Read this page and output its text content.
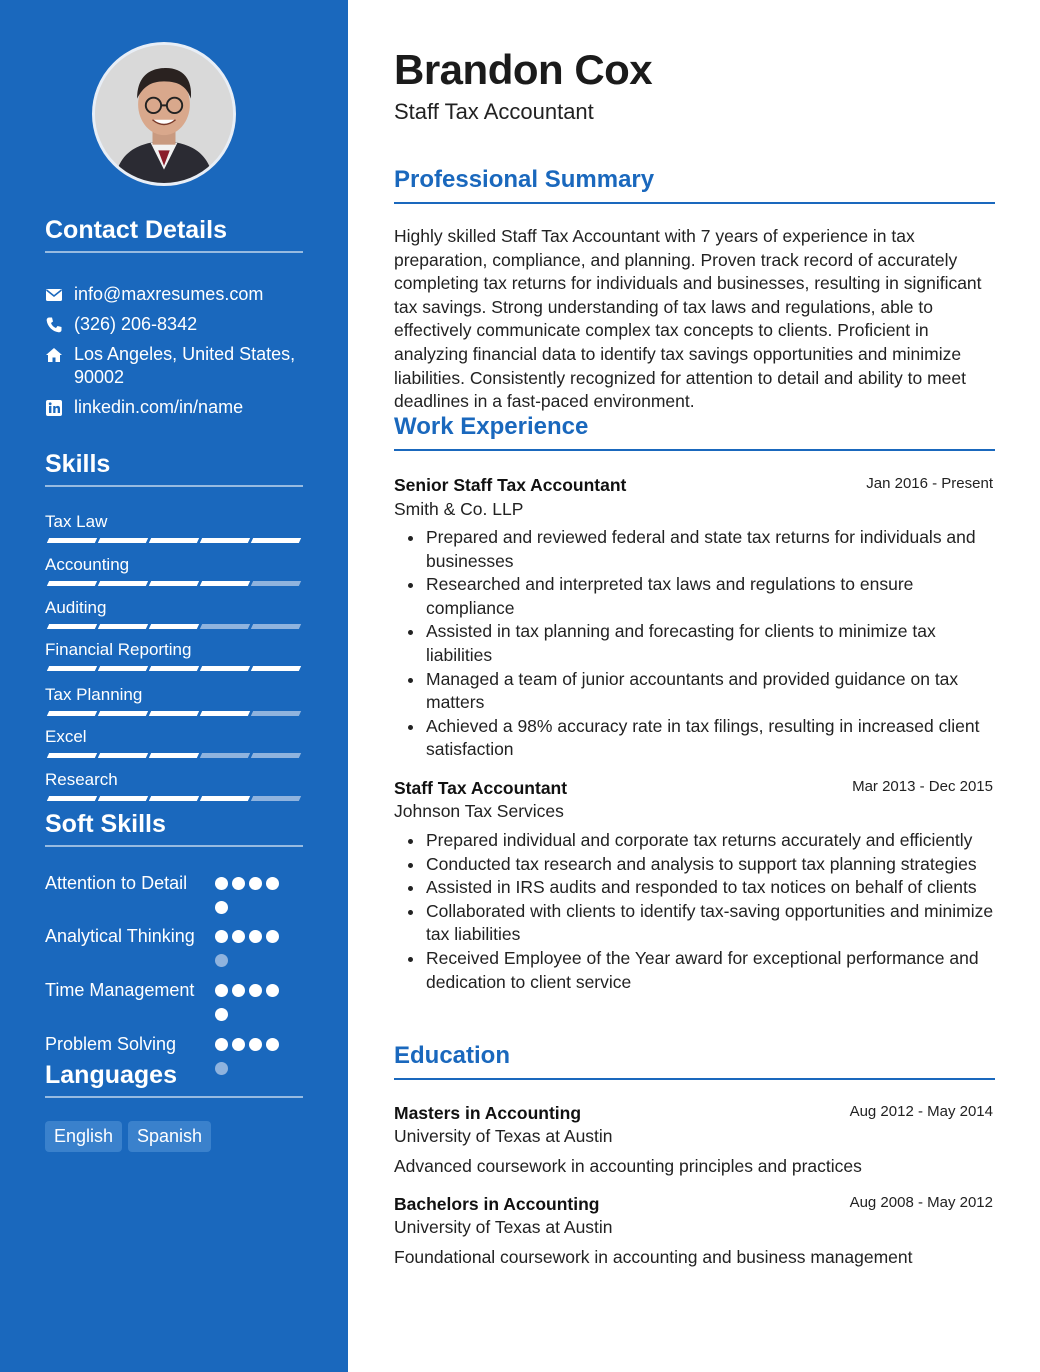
Contact Details
info@maxresumes.com
(326) 206-8342
Los Angeles, United States, 90002
linkedin.com/in/name
Skills
Tax Law
Accounting
Auditing
Financial Reporting
Tax Planning
Excel
Research
Soft Skills
Attention to Detail
Analytical Thinking
Time Management
Problem Solving
Languages
English	Spanish
Brandon Cox
Staff Tax Accountant
Professional Summary
Highly skilled Staff Tax Accountant with 7 years of experience in tax preparation, compliance, and planning. Proven track record of accurately completing tax returns for individuals and businesses, resulting in significant tax savings. Strong understanding of tax laws and regulations, able to effectively communicate complex tax concepts to clients. Proficient in analyzing financial data to identify tax savings opportunities and minimize liabilities. Consistently recognized for attention to detail and ability to meet deadlines in a fast-paced environment.
Work Experience
Senior Staff Tax Accountant	Jan 2016 - Present
Smith & Co. LLP
Prepared and reviewed federal and state tax returns for individuals and businesses
Researched and interpreted tax laws and regulations to ensure compliance
Assisted in tax planning and forecasting for clients to minimize tax liabilities
Managed a team of junior accountants and provided guidance on tax matters
Achieved a 98% accuracy rate in tax filings, resulting in increased client satisfaction
Staff Tax Accountant	Mar 2013 - Dec 2015
Johnson Tax Services
Prepared individual and corporate tax returns accurately and efficiently
Conducted tax research and analysis to support tax planning strategies
Assisted in IRS audits and responded to tax notices on behalf of clients
Collaborated with clients to identify tax-saving opportunities and minimize tax liabilities
Received Employee of the Year award for exceptional performance and dedication to client service
Education
Masters in Accounting	Aug 2012 - May 2014
University of Texas at Austin
Advanced coursework in accounting principles and practices
Bachelors in Accounting	Aug 2008 - May 2012
University of Texas at Austin
Foundational coursework in accounting and business management
